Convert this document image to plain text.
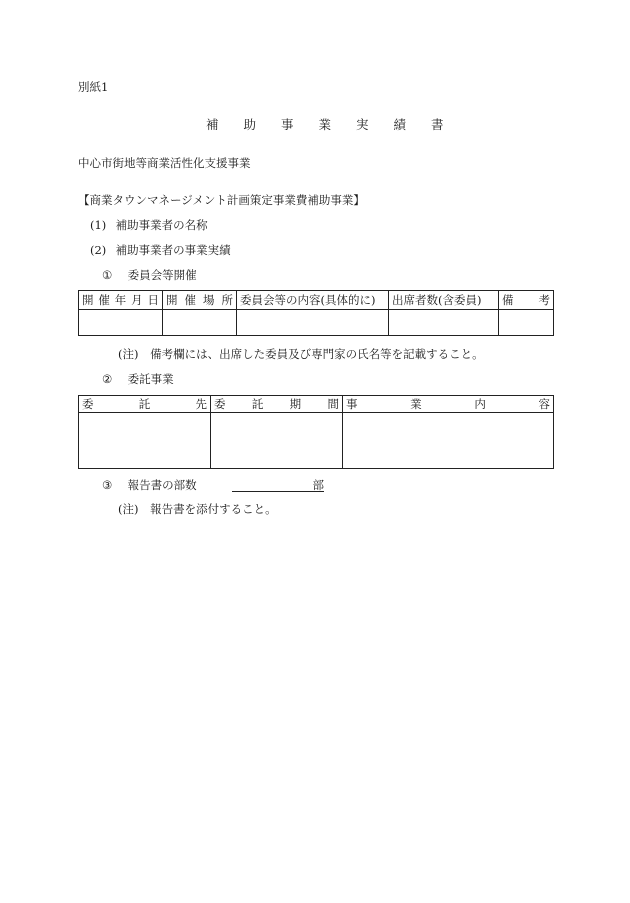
別紙1
補 助 事 業 実 績 書
中心市街地等商業活性化支援事業
【商業タウンマネージメント計画策定事業費補助事業】
(1) 補助事業者の名称
(2) 補助事業者の事業実績
① 委員会等開催
開 催 年 月 日	開 催 場 所	委員会等の内容(具体的に)	出席者数(含委員)	備 考

(注) 備考欄には、出席した委員及び専門家の氏名等を記載すること。
② 委託事業
委 託 先	委 託 期 間	事 業 内 容

③ 報告書の部数	部
(注) 報告書を添付すること。
